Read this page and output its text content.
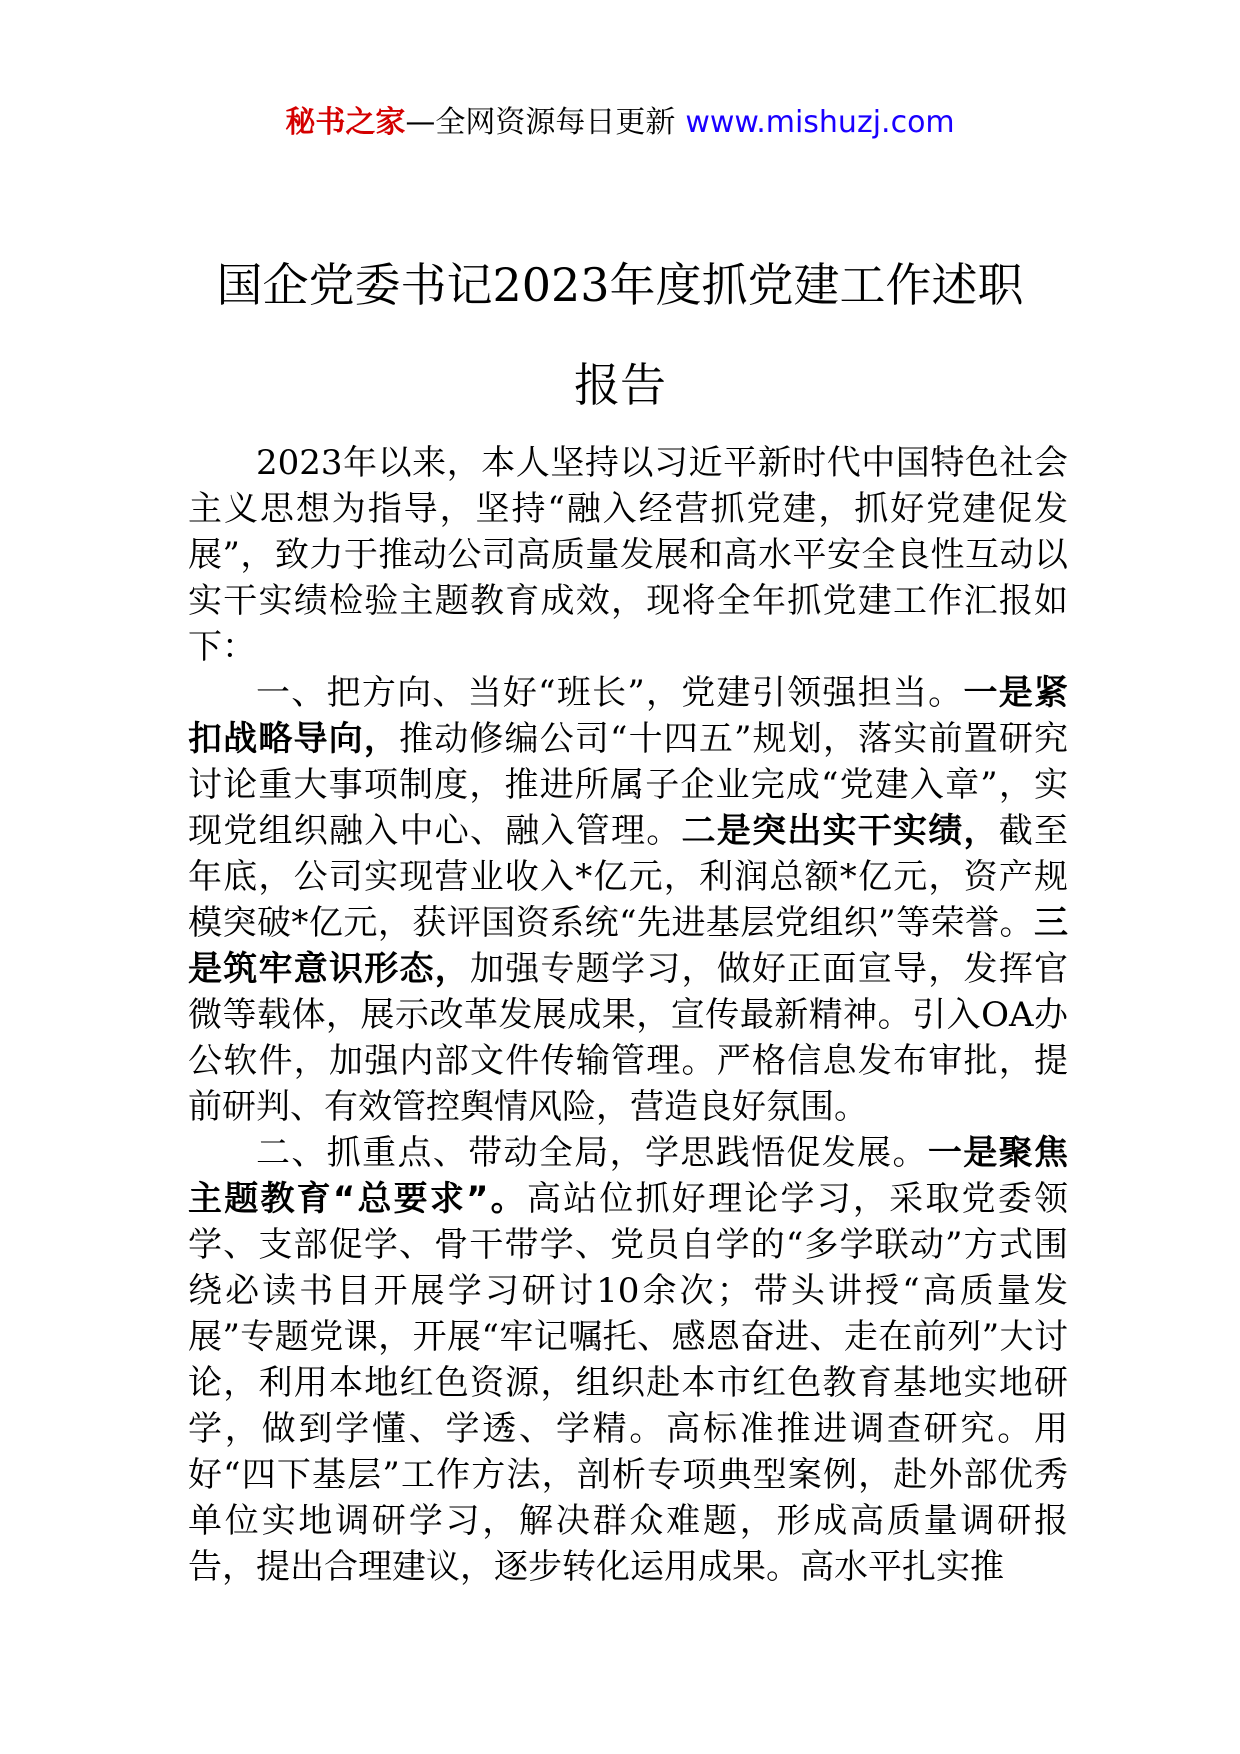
秘书之家—全网资源每日更新 www.mishuzj.com
国企党委书记2023年度抓党建工作述职
报告

2023年以来，本人坚持以习近平新时代中国特色社会主义思想为指导，坚持“融入经营抓党建，抓好党建促发展”，致力于推动公司高质量发展和高水平安全良性互动以实干实绩检验主题教育成效，现将全年抓党建工作汇报如下：

一、把方向、当好“班长”，党建引领强担当。一是紧扣战略导向，推动修编公司“十四五”规划，落实前置研究讨论重大事项制度，推进所属子企业完成“党建入章”，实现党组织融入中心、融入管理。二是突出实干实绩，截至年底，公司实现营业收入*亿元，利润总额*亿元，资产规模突破*亿元，获评国资系统“先进基层党组织”等荣誉。三是筑牢意识形态，加强专题学习，做好正面宣导，发挥官微等载体，展示改革发展成果，宣传最新精神。引入OA办公软件，加强内部文件传输管理。严格信息发布审批，提前研判、有效管控舆情风险，营造良好氛围。

二、抓重点、带动全局，学思践悟促发展。一是聚焦主题教育“总要求”。高站位抓好理论学习，采取党委领学、支部促学、骨干带学、党员自学的“多学联动”方式围绕必读书目开展学习研讨10余次；带头讲授“高质量发展”专题党课，开展“牢记嘱托、感恩奋进、走在前列”大讨论，利用本地红色资源，组织赴本市红色教育基地实地研学，做到学懂、学透、学精。高标准推进调查研究。用好“四下基层”工作方法，剖析专项典型案例，赴外部优秀单位实地调研学习，解决群众难题，形成高质量调研报告，提出合理建议，逐步转化运用成果。高水平扎实推
